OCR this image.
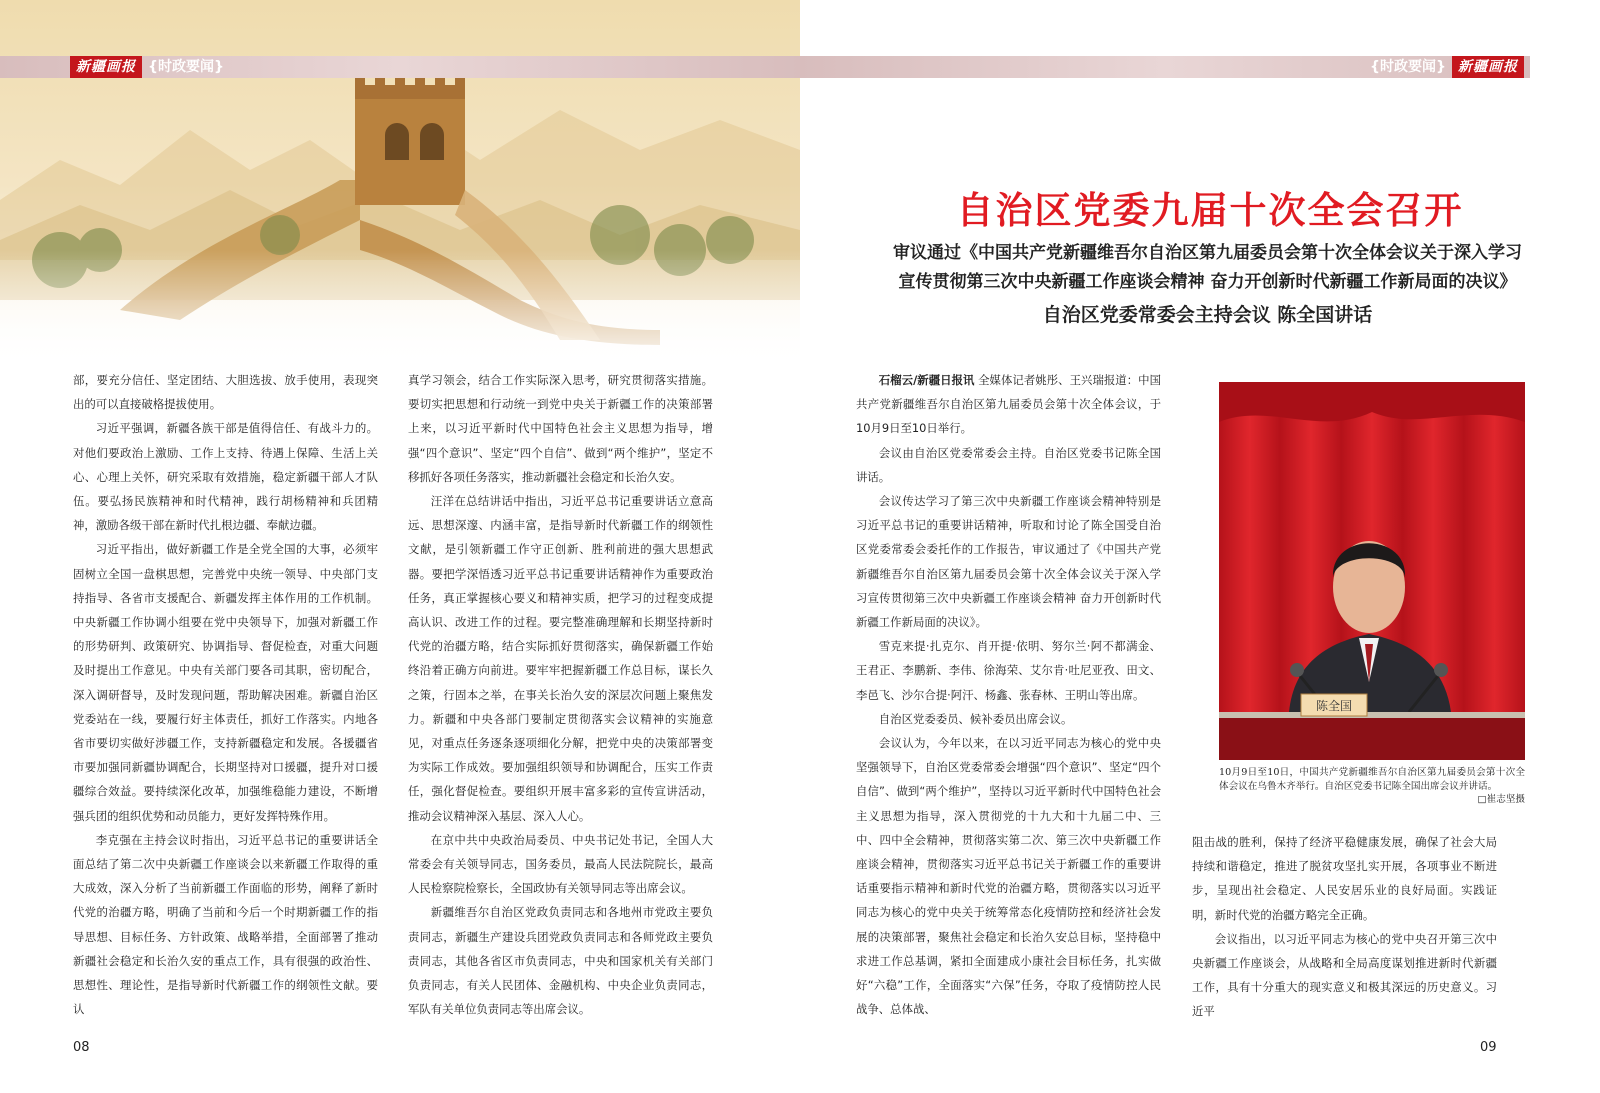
新疆画报 {时政要闻}

部，要充分信任、坚定团结、大胆选拔、放手使用，表现突出的可以直接破格提拔使用。

习近平强调，新疆各族干部是值得信任、有战斗力的。对他们要政治上激励、工作上支持、待遇上保障、生活上关心、心理上关怀，研究采取有效措施，稳定新疆干部人才队伍。要弘扬民族精神和时代精神，践行胡杨精神和兵团精神，激励各级干部在新时代扎根边疆、奉献边疆。

习近平指出，做好新疆工作是全党全国的大事，必须牢固树立全国一盘棋思想，完善党中央统一领导、中央部门支持指导、各省市支援配合、新疆发挥主体作用的工作机制。中央新疆工作协调小组要在党中央领导下，加强对新疆工作的形势研判、政策研究、协调指导、督促检查，对重大问题及时提出工作意见。中央有关部门要各司其职，密切配合，深入调研督导，及时发现问题，帮助解决困难。新疆自治区党委站在一线，要履行好主体责任，抓好工作落实。内地各省市要切实做好涉疆工作，支持新疆稳定和发展。各援疆省市要加强同新疆协调配合，长期坚持对口援疆，提升对口援疆综合效益。要持续深化改革，加强维稳能力建设，不断增强兵团的组织优势和动员能力，更好发挥特殊作用。

李克强在主持会议时指出，习近平总书记的重要讲话全面总结了第二次中央新疆工作座谈会以来新疆工作取得的重大成效，深入分析了当前新疆工作面临的形势，阐释了新时代党的治疆方略，明确了当前和今后一个时期新疆工作的指导思想、目标任务、方针政策、战略举措，全面部署了推动新疆社会稳定和长治久安的重点工作，具有很强的政治性、思想性、理论性，是指导新时代新疆工作的纲领性文献。要认

真学习领会，结合工作实际深入思考，研究贯彻落实措施。要切实把思想和行动统一到党中央关于新疆工作的决策部署上来，以习近平新时代中国特色社会主义思想为指导，增强“四个意识”、坚定“四个自信”、做到“两个维护”，坚定不移抓好各项任务落实，推动新疆社会稳定和长治久安。

汪洋在总结讲话中指出，习近平总书记重要讲话立意高远、思想深邃、内涵丰富，是指导新时代新疆工作的纲领性文献，是引领新疆工作守正创新、胜利前进的强大思想武器。要把学深悟透习近平总书记重要讲话精神作为重要政治任务，真正掌握核心要义和精神实质，把学习的过程变成提高认识、改进工作的过程。要完整准确理解和长期坚持新时代党的治疆方略，结合实际抓好贯彻落实，确保新疆工作始终沿着正确方向前进。要牢牢把握新疆工作总目标，谋长久之策，行固本之举，在事关长治久安的深层次问题上聚焦发力。新疆和中央各部门要制定贯彻落实会议精神的实施意见，对重点任务逐条逐项细化分解，把党中央的决策部署变为实际工作成效。要加强组织领导和协调配合，压实工作责任，强化督促检查。要组织开展丰富多彩的宣传宣讲活动，推动会议精神深入基层、深入人心。

在京中共中央政治局委员、中央书记处书记，全国人大常委会有关领导同志，国务委员，最高人民法院院长，最高人民检察院检察长，全国政协有关领导同志等出席会议。

新疆维吾尔自治区党政负责同志和各地州市党政主要负责同志，新疆生产建设兵团党政负责同志和各师党政主要负责同志，其他各省区市负责同志，中央和国家机关有关部门负责同志，有关人民团体、金融机构、中央企业负责同志，军队有关单位负责同志等出席会议。

08
{时政要闻} 新疆画报
自治区党委九届十次全会召开

审议通过《中国共产党新疆维吾尔自治区第九届委员会第十次全体会议关于深入学习

宣传贯彻第三次中央新疆工作座谈会精神 奋力开创新时代新疆工作新局面的决议》

自治区党委常委会主持会议 陈全国讲话

石榴云/新疆日报讯 全媒体记者姚彤、王兴瑞报道：中国共产党新疆维吾尔自治区第九届委员会第十次全体会议，于10月9日至10日举行。

会议由自治区党委常委会主持。自治区党委书记陈全国讲话。

会议传达学习了第三次中央新疆工作座谈会精神特别是习近平总书记的重要讲话精神，听取和讨论了陈全国受自治区党委常委会委托作的工作报告，审议通过了《中国共产党新疆维吾尔自治区第九届委员会第十次全体会议关于深入学习宣传贯彻第三次中央新疆工作座谈会精神 奋力开创新时代新疆工作新局面的决议》。

雪克来提·扎克尔、肖开提·依明、努尔兰·阿不都满金、王君正、李鹏新、李伟、徐海荣、艾尔肯·吐尼亚孜、田文、李邑飞、沙尔合提·阿汗、杨鑫、张春林、王明山等出席。

自治区党委委员、候补委员出席会议。

会议认为，今年以来，在以习近平同志为核心的党中央坚强领导下，自治区党委常委会增强“四个意识”、坚定“四个自信”、做到“两个维护”，坚持以习近平新时代中国特色社会主义思想为指导，深入贯彻党的十九大和十九届二中、三中、四中全会精神，贯彻落实第二次、第三次中央新疆工作座谈会精神，贯彻落实习近平总书记关于新疆工作的重要讲话重要指示精神和新时代党的治疆方略，贯彻落实以习近平同志为核心的党中央关于统筹常态化疫情防控和经济社会发展的决策部署，聚焦社会稳定和长治久安总目标，坚持稳中求进工作总基调，紧扣全面建成小康社会目标任务，扎实做好“六稳”工作，全面落实“六保”任务，夺取了疫情防控人民战争、总体战、

陈全国
10月9日至10日，中国共产党新疆维吾尔自治区第九届委员会第十次全体会议在乌鲁木齐举行。自治区党委书记陈全国出席会议并讲话。
□崔志坚摄

阻击战的胜利，保持了经济平稳健康发展，确保了社会大局持续和谐稳定，推进了脱贫攻坚扎实开展，各项事业不断进步，呈现出社会稳定、人民安居乐业的良好局面。实践证明，新时代党的治疆方略完全正确。

会议指出，以习近平同志为核心的党中央召开第三次中央新疆工作座谈会，从战略和全局高度谋划推进新时代新疆工作，具有十分重大的现实意义和极其深远的历史意义。习近平

09
